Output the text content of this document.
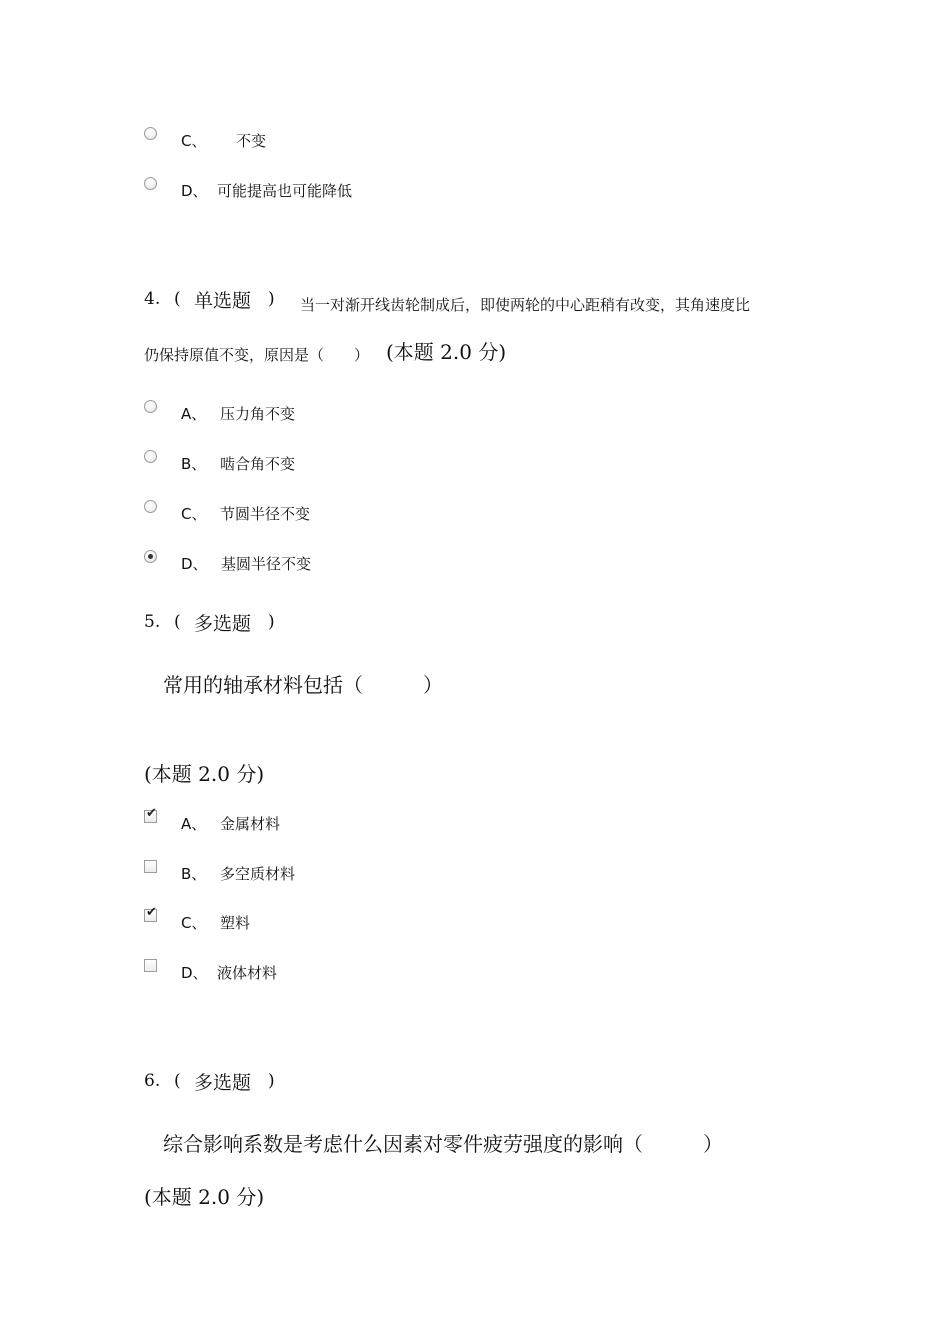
C、 不变
D、 可能提高也可能降低
4. ( 单选题 ) 当一对渐开线齿轮制成后，即使两轮的中心距稍有改变，其角速度比
仍保持原值不变，原因是（　　） (本题 2.0 分)
A、 压力角不变
B、 啮合角不变
C、 节圆半径不变
D、 基圆半径不变
5. ( 多选题 )
常用的轴承材料包括（　　　）
(本题 2.0 分)
✔
A、 金属材料
B、 多空质材料
✔
C、 塑料
D、 液体材料
6. ( 多选题 )
综合影响系数是考虑什么因素对零件疲劳强度的影响（　　　）
(本题 2.0 分)
